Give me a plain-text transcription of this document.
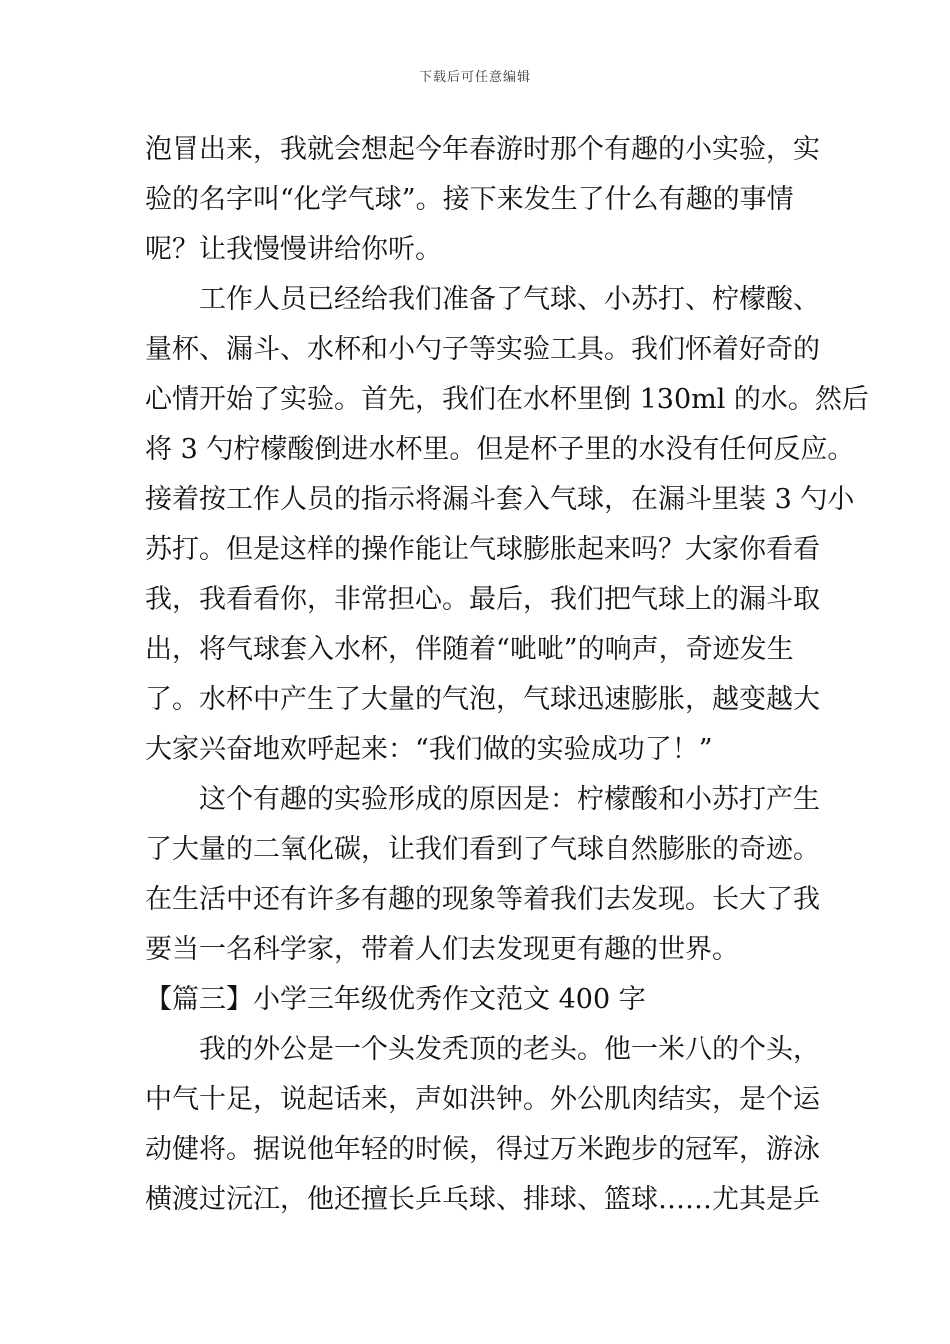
下载后可任意编辑
泡冒出来，我就会想起今年春游时那个有趣的小实验，实
验的名字叫“化学气球”。接下来发生了什么有趣的事情
呢？让我慢慢讲给你听。
工作人员已经给我们准备了气球、小苏打、柠檬酸、
量杯、漏斗、水杯和小勺子等实验工具。我们怀着好奇的
心情开始了实验。首先，我们在水杯里倒 130ml 的水。然后
将 3 勺柠檬酸倒进水杯里。但是杯子里的水没有任何反应。
接着按工作人员的指示将漏斗套入气球，在漏斗里装 3 勺小
苏打。但是这样的操作能让气球膨胀起来吗？大家你看看
我，我看看你，非常担心。最后，我们把气球上的漏斗取
出，将气球套入水杯，伴随着“呲呲”的响声，奇迹发生
了。水杯中产生了大量的气泡，气球迅速膨胀，越变越大
大家兴奋地欢呼起来：“我们做的实验成功了！”
这个有趣的实验形成的原因是：柠檬酸和小苏打产生
了大量的二氧化碳，让我们看到了气球自然膨胀的奇迹。
在生活中还有许多有趣的现象等着我们去发现。长大了我
要当一名科学家，带着人们去发现更有趣的世界。
【篇三】小学三年级优秀作文范文 400 字
我的外公是一个头发秃顶的老头。他一米八的个头，
中气十足，说起话来，声如洪钟。外公肌肉结实，是个运
动健将。据说他年轻的时候，得过万米跑步的冠军，游泳
横渡过沅江，他还擅长乒乓球、排球、篮球……尤其是乒
